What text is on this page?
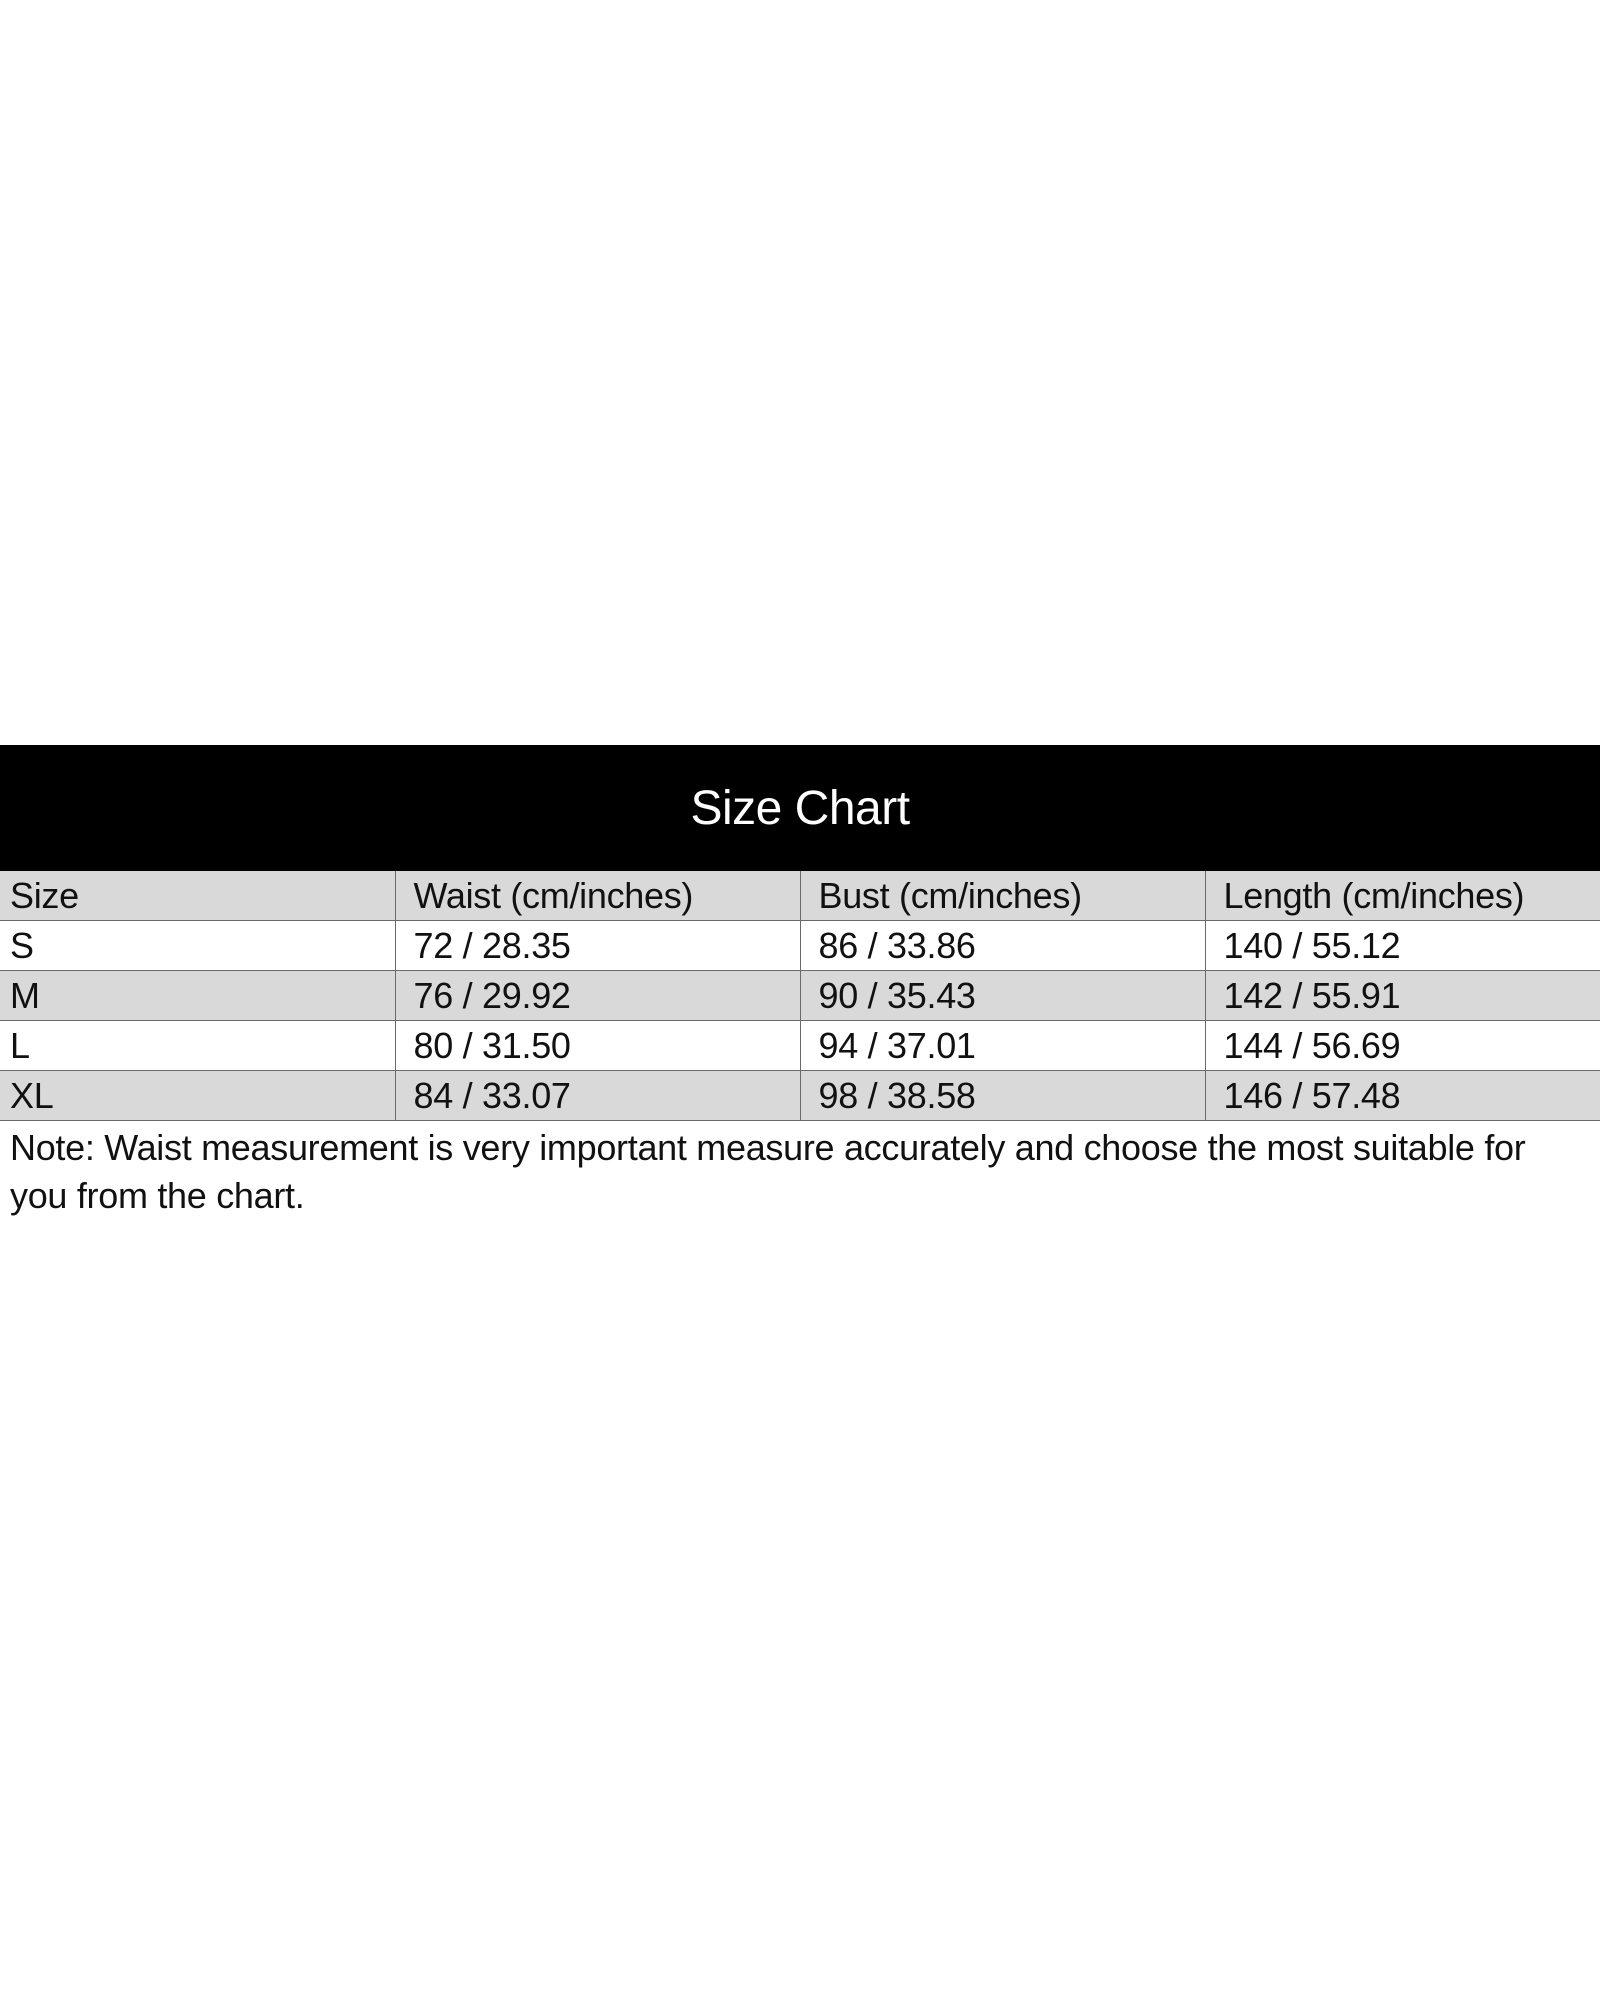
Size Chart
Size	Waist (cm/inches)	Bust (cm/inches)	Length (cm/inches)
S	72 / 28.35	86 / 33.86	140 / 55.12
M	76 / 29.92	90 / 35.43	142 / 55.91
L	80 / 31.50	94 / 37.01	144 / 56.69
XL	84 / 33.07	98 / 38.58	146 / 57.48

Note: Waist measurement is very important measure accurately and choose the most suitable for you from the chart.
